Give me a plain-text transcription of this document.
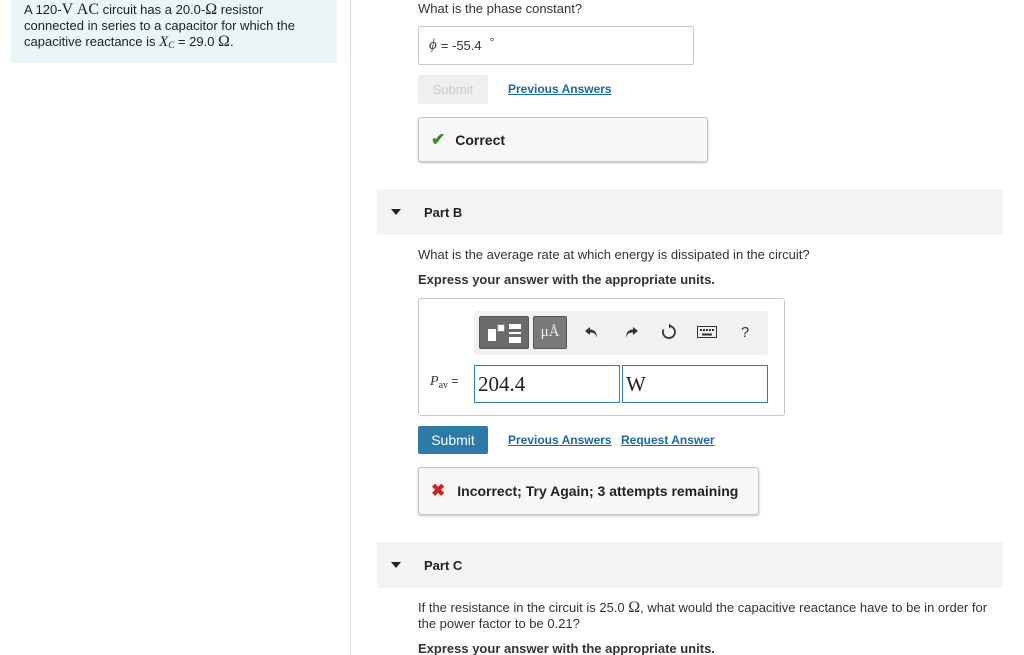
A 120-V AC circuit has a 20.0-Ω resistor connected in series to a capacitor for which the capacitive reactance is $X_C = 29.0$ Ω.
What is the phase constant?
ϕ =
-55.4 °
Submit	Previous Answers
✔ Correct
Part B
What is the average rate at which energy is dissipated in the circuit?
Express your answer with the appropriate units.
μÅ	?
$P_{av} = 204.4$	W
Submit	Previous Answers Request Answer
✖ Incorrect; Try Again; 3 attempts remaining
Part C
If the resistance in the circuit is 25.0 Ω, what would the capacitive reactance have to be in order for the power factor to be 0.21?
Express your answer with the appropriate units.
